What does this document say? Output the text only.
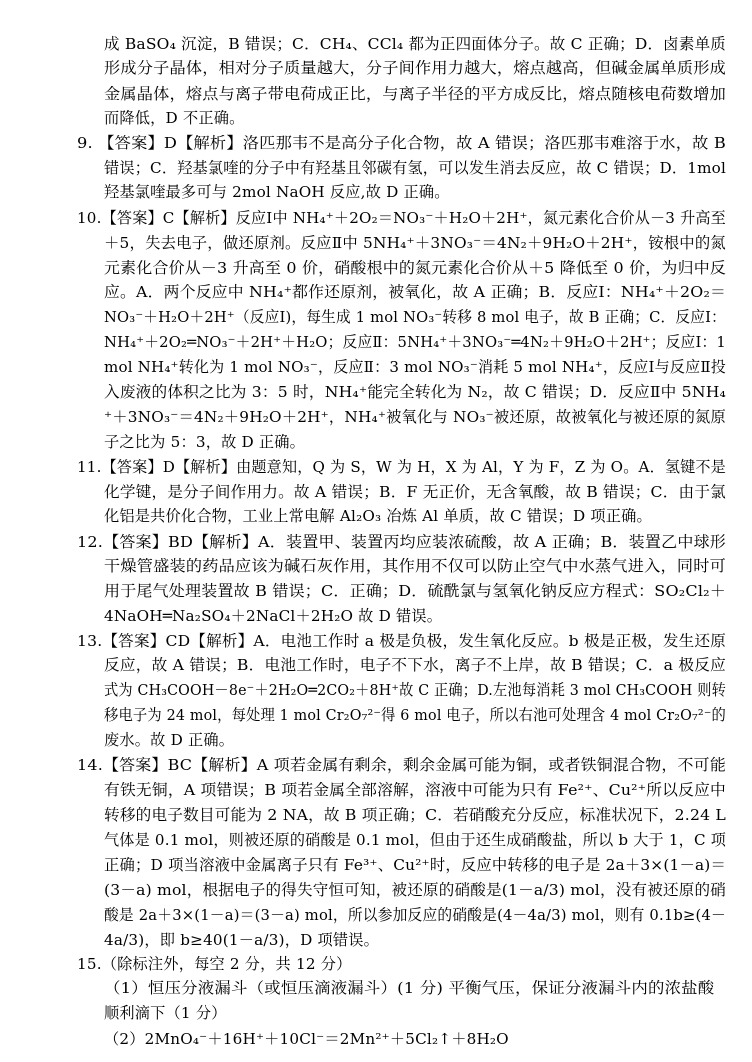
成 BaSO₄ 沉淀，B 错误；C．CH₄、CCl₄ 都为正四面体分子。故 C 正确；D．卤素单质
形成分子晶体，相对分子质量越大，分子间作用力越大，熔点越高，但碱金属单质形成
金属晶体，熔点与离子带电荷成正比，与离子半径的平方成反比，熔点随核电荷数增加
而降低，D 不正确。
9. 【答案】D【解析】洛匹那韦不是高分子化合物，故 A 错误；洛匹那韦难溶于水，故 B
错误；C．羟基氯喹的分子中有羟基且邻碳有氢，可以发生消去反应，故 C 错误；D．1mol
羟基氯喹最多可与 2mol NaOH 反应,故 D 正确。
10.【答案】C【解析】反应Ⅰ中 NH₄⁺＋2O₂＝NO₃⁻＋H₂O＋2H⁺，氮元素化合价从－3 升高至
＋5，失去电子，做还原剂。反应Ⅱ中 5NH₄⁺＋3NO₃⁻＝4N₂＋9H₂O＋2H⁺，铵根中的氮
元素化合价从－3 升高至 0 价，硝酸根中的氮元素化合价从＋5 降低至 0 价，为归中反
应。A．两个反应中 NH₄⁺都作还原剂，被氧化，故 A 正确；B．反应Ⅰ：NH₄⁺＋2O₂＝
NO₃⁻＋H₂O＋2H⁺（反应Ⅰ)，每生成 1 mol NO₃⁻转移 8 mol 电子，故 B 正确；C．反应Ⅰ：
NH₄⁺＋2O₂═NO₃⁻＋2H⁺＋H₂O；反应Ⅱ：5NH₄⁺＋3NO₃⁻═4N₂＋9H₂O＋2H⁺；反应Ⅰ：1
mol NH₄⁺转化为 1 mol NO₃⁻，反应Ⅱ：3 mol NO₃⁻消耗 5 mol NH₄⁺，反应Ⅰ与反应Ⅱ投
入废液的体积之比为 3：5 时，NH₄⁺能完全转化为 N₂，故 C 错误；D．反应Ⅱ中 5NH₄
⁺＋3NO₃⁻＝4N₂＋9H₂O＋2H⁺，NH₄⁺被氧化与 NO₃⁻被还原，故被氧化与被还原的氮原
子之比为 5：3，故 D 正确。
11.【答案】D【解析】由题意知，Q 为 S，W 为 H，X 为 Al，Y 为 F，Z 为 O。A．氢键不是
化学键，是分子间作用力。故 A 错误；B．F 无正价，无含氧酸，故 B 错误；C．由于氯
化铝是共价化合物，工业上常电解 Al₂O₃ 冶炼 Al 单质，故 C 错误；D 项正确。
12.【答案】BD【解析】A．装置甲、装置丙均应装浓硫酸，故 A 正确；B．装置乙中球形
干燥管盛装的药品应该为碱石灰作用，其作用不仅可以防止空气中水蒸气进入，同时可
用于尾气处理装置故 B 错误；C．正确；D．硫酰氯与氢氧化钠反应方程式：SO₂Cl₂＋
4NaOH═Na₂SO₄＋2NaCl＋2H₂O 故 D 错误。
13.【答案】CD【解析】A．电池工作时 a 极是负极，发生氧化反应。b 极是正极，发生还原
反应，故 A 错误；B．电池工作时，电子不下水，离子不上岸，故 B 错误；C．a 极反应
式为 CH₃COOH－8e⁻＋2H₂O═2CO₂＋8H⁺故 C 正确；D.左池每消耗 3 mol CH₃COOH 则转
移电子为 24 mol，每处理 1 mol Cr₂O₇²⁻得 6 mol 电子，所以右池可处理含 4 mol Cr₂O₇²⁻的
废水。故 D 正确。
14.【答案】BC【解析】A 项若金属有剩余，剩余金属可能为铜，或者铁铜混合物，不可能
有铁无铜，A 项错误；B 项若金属全部溶解，溶液中可能为只有 Fe²⁺、Cu²⁺所以反应中
转移的电子数目可能为 2 NA，故 B 项正确；C．若硝酸充分反应，标准状况下，2.24 L
气体是 0.1 mol，则被还原的硝酸是 0.1 mol，但由于还生成硝酸盐，所以 b 大于 1，C 项
正确；D 项当溶液中金属离子只有 Fe³⁺、Cu²⁺时，反应中转移的电子是 2a＋3×(1－a)＝
(3－a) mol，根据电子的得失守恒可知，被还原的硝酸是(1－a/3) mol，没有被还原的硝
酸是 2a＋3×(1－a)＝(3－a) mol，所以参加反应的硝酸是(4－4a/3) mol，则有 0.1b≥(4－
4a/3)，即 b≥40(1－a/3)，D 项错误。
15.（除标注外，每空 2 分，共 12 分）
（1）恒压分液漏斗（或恒压滴液漏斗）(1 分) 平衡气压，保证分液漏斗内的浓盐酸
顺利滴下（1 分）
（2）2MnO₄⁻＋16H⁺＋10Cl⁻＝2Mn²⁺＋5Cl₂↑＋8H₂O
